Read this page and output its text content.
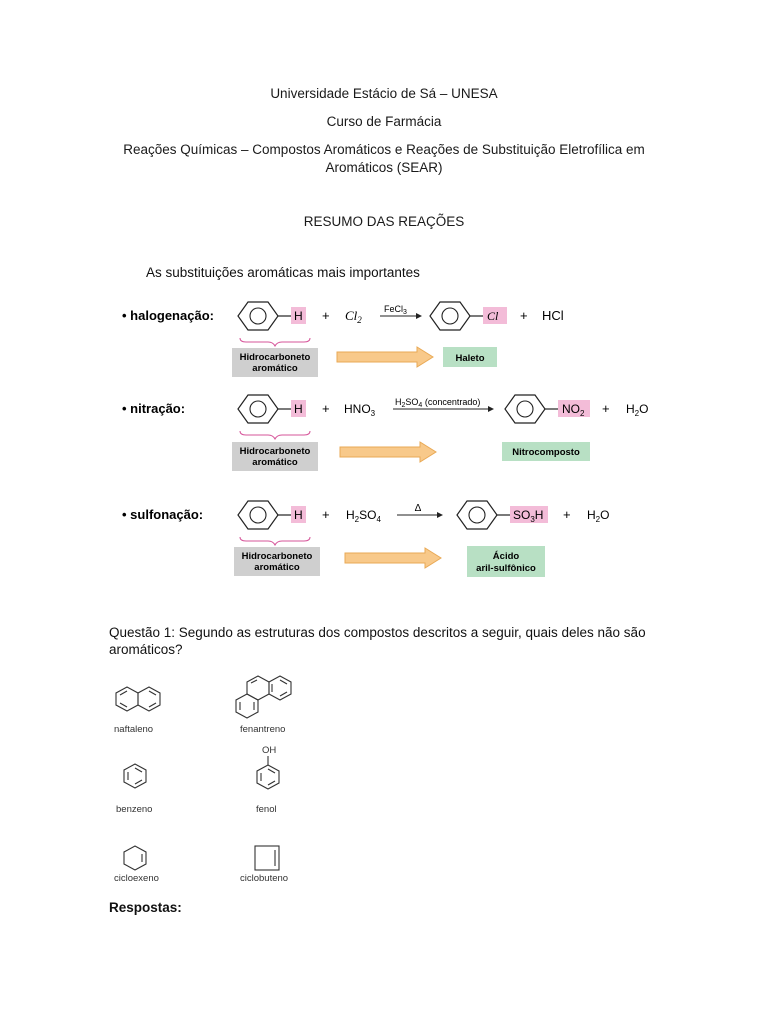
Universidade Estácio de Sá – UNESA
Curso de Farmácia
Reações Químicas – Compostos Aromáticos e Reações de Substituição Eletrofílica em
Aromáticos (SEAR)
RESUMO DAS REAÇÕES
As substituições aromáticas mais importantes
• halogenação:	$H + Cl_2$
FeCl$_3$	Cl + HCl
Hidrocarboneto
aromático
Haleto
• nitração:	$H + HNO_3$
$H_2SO_4$ (concentrado)	$NO_2 + H_2O$
Hidrocarboneto
aromático
Nitrocomposto
• sulfonação:	$H + H_2SO_4$
Δ	$SO_3H + H_2O$
Hidrocarboneto
aromático
Ácido
aril-sulfônico
Questão 1: Segundo as estruturas dos compostos descritos a seguir, quais deles não são
aromáticos?
naftaleno	fenantreno
OH
benzeno	fenol
cicloexeno	ciclobuteno
Respostas:
